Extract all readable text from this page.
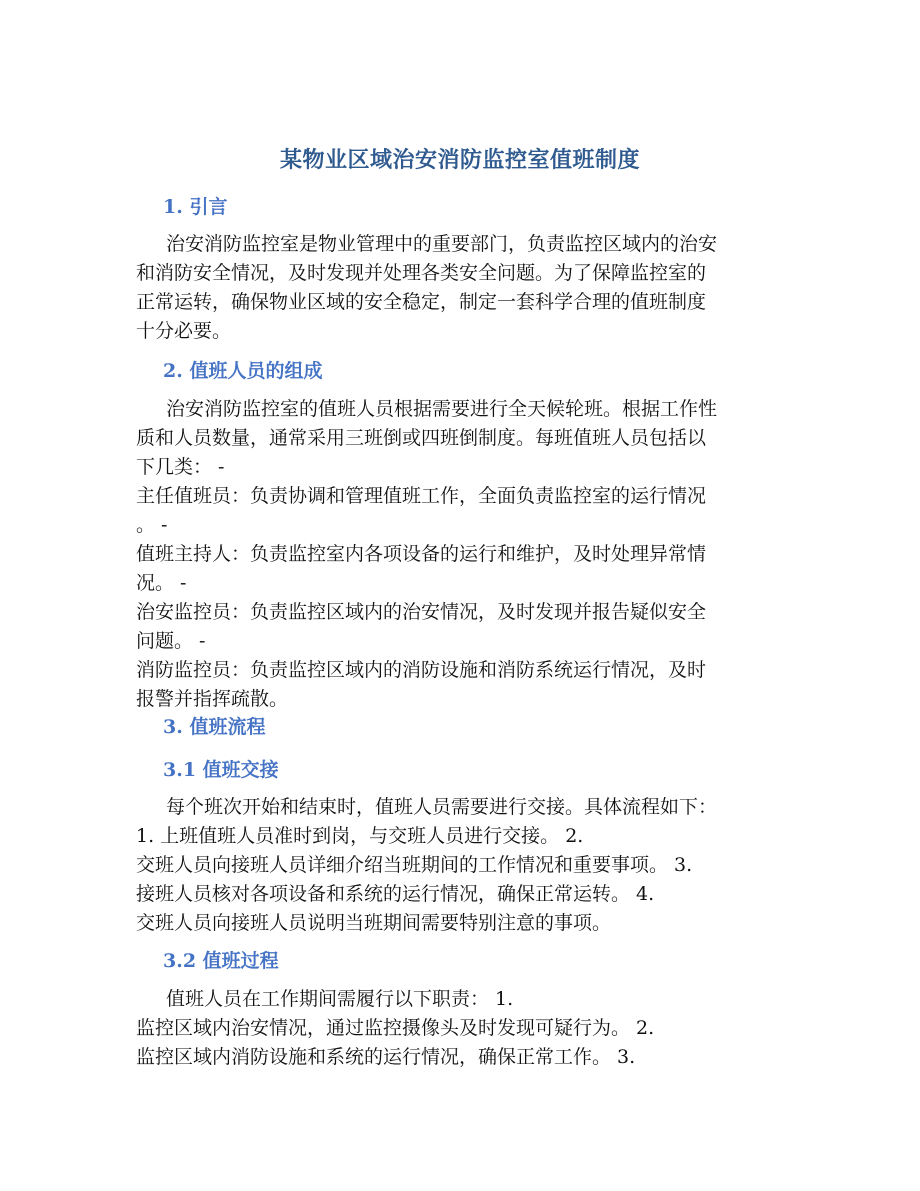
某物业区域治安消防监控室值班制度
1. 引言
治安消防监控室是物业管理中的重要部门，负责监控区域内的治安
和消防安全情况，及时发现并处理各类安全问题。为了保障监控室的
正常运转，确保物业区域的安全稳定，制定一套科学合理的值班制度
十分必要。
2. 值班人员的组成
治安消防监控室的值班人员根据需要进行全天候轮班。根据工作性
质和人员数量，通常采用三班倒或四班倒制度。每班值班人员包括以
下几类： -
主任值班员：负责协调和管理值班工作，全面负责监控室的运行情况
。 -
值班主持人：负责监控室内各项设备的运行和维护，及时处理异常情
况。 -
治安监控员：负责监控区域内的治安情况，及时发现并报告疑似安全
问题。 -
消防监控员：负责监控区域内的消防设施和消防系统运行情况，及时
报警并指挥疏散。
3. 值班流程
3.1 值班交接
每个班次开始和结束时，值班人员需要进行交接。具体流程如下：
1. 上班值班人员准时到岗，与交班人员进行交接。 2.
交班人员向接班人员详细介绍当班期间的工作情况和重要事项。 3.
接班人员核对各项设备和系统的运行情况，确保正常运转。 4.
交班人员向接班人员说明当班期间需要特别注意的事项。
3.2 值班过程
值班人员在工作期间需履行以下职责： 1.
监控区域内治安情况，通过监控摄像头及时发现可疑行为。 2.
监控区域内消防设施和系统的运行情况，确保正常工作。 3.
